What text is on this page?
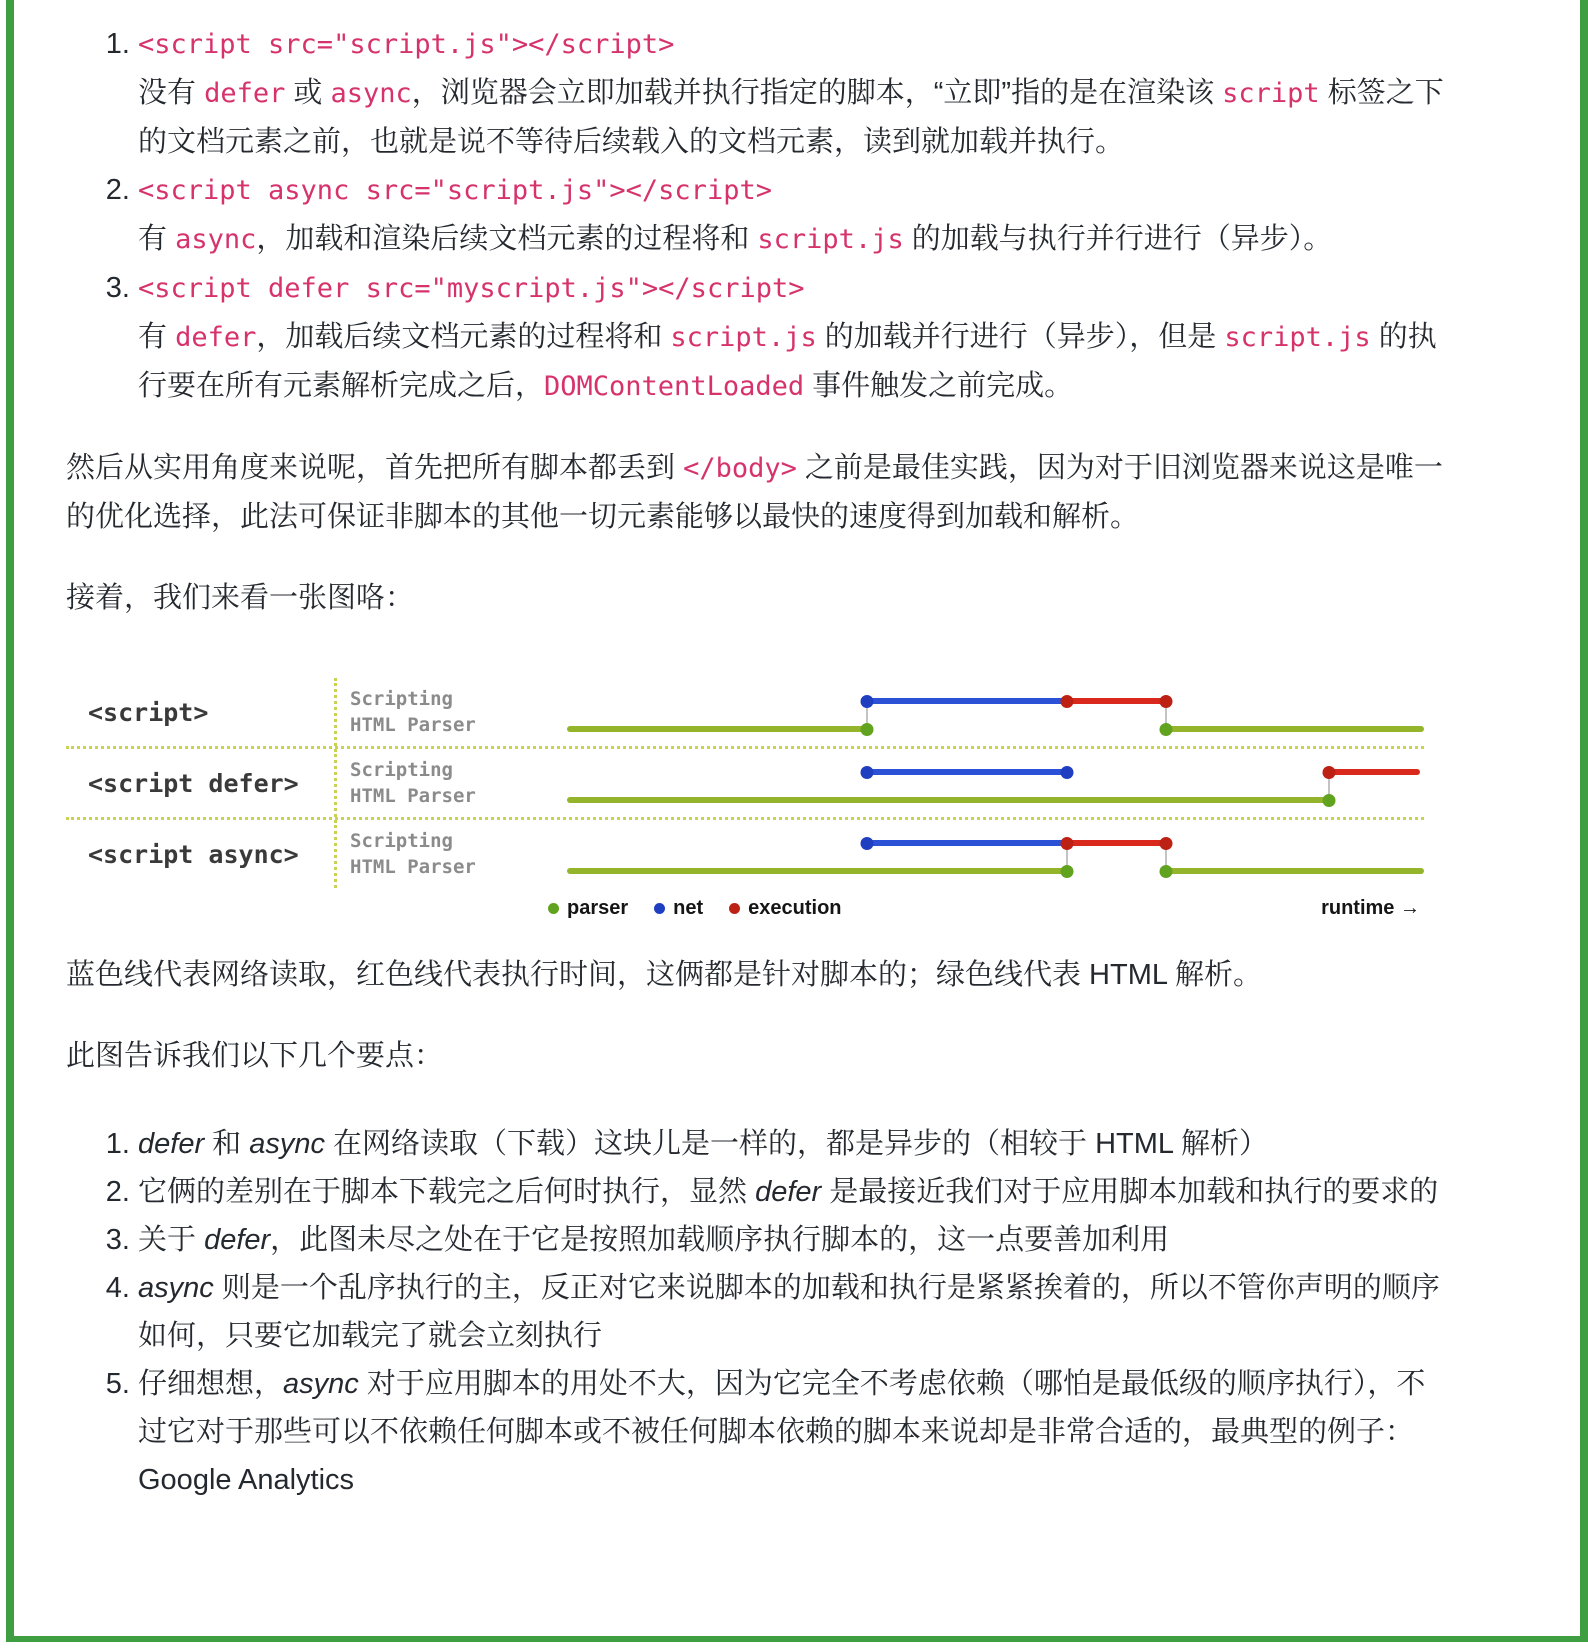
1. <script src="script.js"></script>
没有 defer 或 async，浏览器会立即加载并执行指定的脚本，“立即”指的是在渲染该 script 标签之下的文档元素之前，也就是说不等待后续载入的文档元素，读到就加载并执行。
2. <script async src="script.js"></script>
有 async，加载和渲染后续文档元素的过程将和 script.js 的加载与执行并行进行（异步）。
3. <script defer src="myscript.js"></script>
有 defer，加载后续文档元素的过程将和 script.js 的加载并行进行（异步），但是 script.js 的执行要在所有元素解析完成之后，DOMContentLoaded 事件触发之前完成。

然后从实用角度来说呢，首先把所有脚本都丢到 </body> 之前是最佳实践，因为对于旧浏览器来说这是唯一的优化选择，此法可保证非脚本的其他一切元素能够以最快的速度得到加载和解析。

接着，我们来看一张图咯：

<script>	Scripting
HTML Parser
<script defer>	Scripting
HTML Parser
<script async>	Scripting
HTML Parser
parser net execution	runtime →

蓝色线代表网络读取，红色线代表执行时间，这俩都是针对脚本的；绿色线代表 HTML 解析。

此图告诉我们以下几个要点：

1. defer 和 async 在网络读取（下载）这块儿是一样的，都是异步的（相较于 HTML 解析）
2. 它俩的差别在于脚本下载完之后何时执行，显然 defer 是最接近我们对于应用脚本加载和执行的要求的
3. 关于 defer，此图未尽之处在于它是按照加载顺序执行脚本的，这一点要善加利用
4. async 则是一个乱序执行的主，反正对它来说脚本的加载和执行是紧紧挨着的，所以不管你声明的顺序如何，只要它加载完了就会立刻执行
5. 仔细想想，async 对于应用脚本的用处不大，因为它完全不考虑依赖（哪怕是最低级的顺序执行），不过它对于那些可以不依赖任何脚本或不被任何脚本依赖的脚本来说却是非常合适的，最典型的例子：Google Analytics
